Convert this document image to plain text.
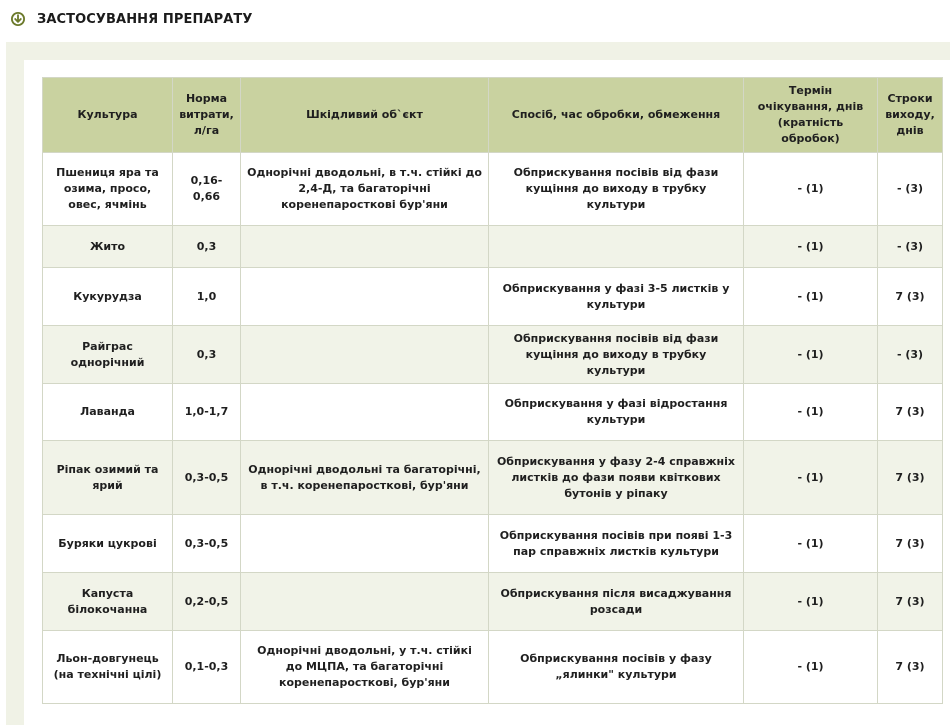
ЗАСТОСУВАННЯ ПРЕПАРАТУ
Культура	Норма витрати, л/га	Шкідливий об`єкт	Спосіб, час обробки, обмеження	Термін очікування, днів (кратність обробок)	Строки виходу, днів
Пшениця яра та озима, просо, овес, ячмінь	0,16-0,66	Однорічні дводольні, в т.ч. стійкі до 2,4-Д, та багаторічні коренепаросткові бур'яни	Обприскування посівів від фази кущіння до виходу в трубку культури	- (1)	- (3)
Жито	0,3			- (1)	- (3)
Кукурудза	1,0		Обприскування у фазі 3-5 листків у культури	- (1)	7 (3)
Райграс однорічний	0,3		Обприскування посівів від фази кущіння до виходу в трубку культури	- (1)	- (3)
Лаванда	1,0-1,7		Обприскування у фазі відростання культури	- (1)	7 (3)
Ріпак озимий та ярий	0,3-0,5	Однорічні дводольні та багаторічні, в т.ч. коренепаросткові, бур'яни	Обприскування у фазу 2-4 справжніх листків до фази появи квіткових бутонів у ріпаку	- (1)	7 (3)
Буряки цукрові	0,3-0,5		Обприскування посівів при появі 1-3 пар справжніх листків культури	- (1)	7 (3)
Капуста білокочанна	0,2-0,5		Обприскування після висаджування розсади	- (1)	7 (3)
Льон-довгунець (на технічні цілі)	0,1-0,3	Однорічні дводольні, у т.ч. стійкі до МЦПА, та багаторічні коренепаросткові, бур'яни	Обприскування посівів у фазу „ялинки" культури	- (1)	7 (3)
